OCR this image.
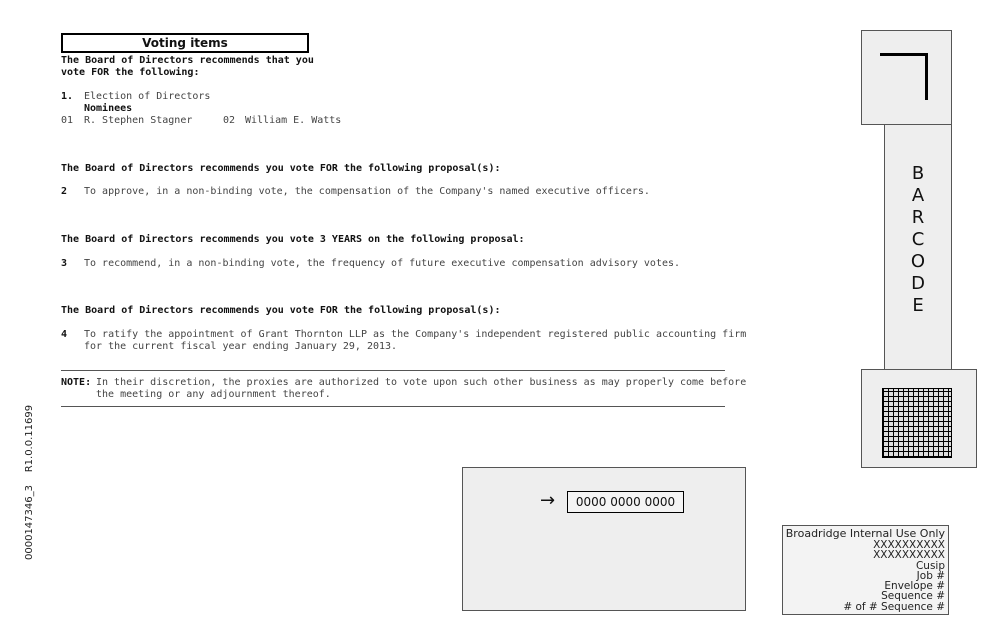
Voting items
The Board of Directors recommends that you
vote FOR the following:
1. Election of Directors
Nominees
01 R. Stephen Stagner	02 William E. Watts
The Board of Directors recommends you vote FOR the following proposal(s):
2 To approve, in a non-binding vote, the compensation of the Company's named executive officers.
The Board of Directors recommends you vote 3 YEARS on the following proposal:
3 To recommend, in a non-binding vote, the frequency of future executive compensation advisory votes.
The Board of Directors recommends you vote FOR the following proposal(s):
4 To ratify the appointment of Grant Thornton LLP as the Company's independent registered public accounting firm
for the current fiscal year ending January 29, 2013.
NOTE: In their discretion, the proxies are authorized to vote upon such other business as may properly come before
the meeting or any adjournment thereof.
B
A
R
C
O
D
E
→	0000 0000 0000
Broadridge Internal Use Only
XXXXXXXXXX
XXXXXXXXXX
Cusip
Job #
Envelope #
Sequence #
# of # Sequence #
0000147346_3    R1.0.0.11699
